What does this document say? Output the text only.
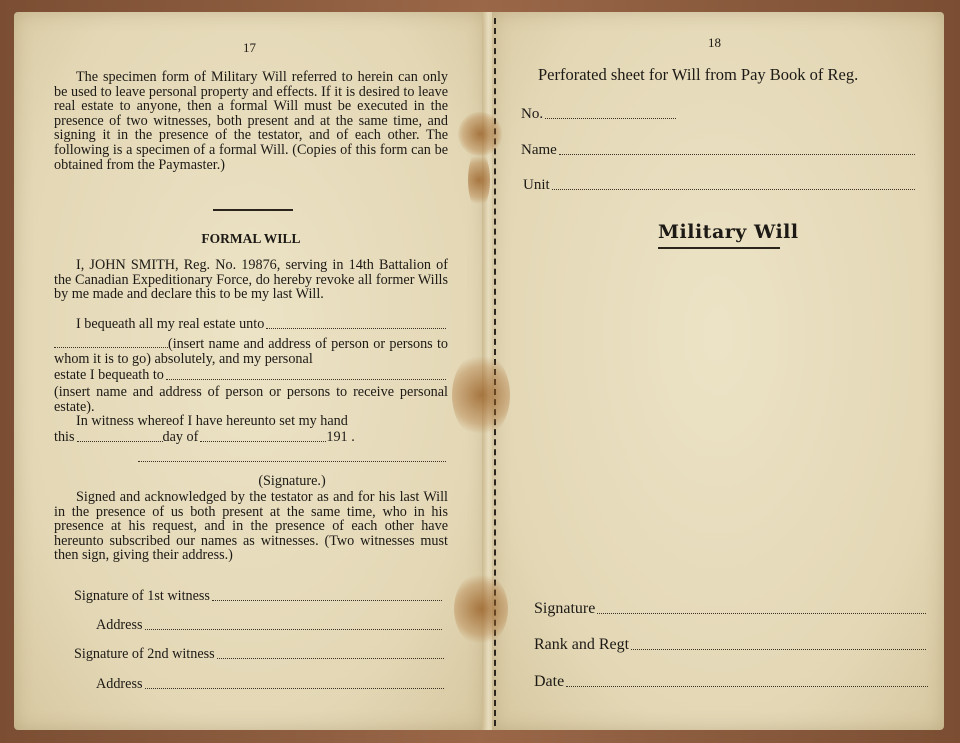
17
The specimen form of Military Will referred to herein can only be used to leave personal property and effects. If it is desired to leave real estate to anyone, then a formal Will must be executed in the presence of two witnesses, both present and at the same time, and signing it in the presence of the testator, and of each other. The following is a specimen of a formal Will. (Copies of this form can be obtained from the Paymaster.)
FORMAL WILL
I, JOHN SMITH, Reg. No. 19876, serving in 14th Battalion of the Canadian Expeditionary Force, do hereby revoke all former Wills by me made and declare this to be my last Will.
I bequeath all my real estate unto
(insert name and address of person or persons to whom it is to go) absolutely, and my personal
estate I bequeath to
(insert name and address of person or persons to receive personal estate).
In witness whereof I have hereunto set my hand
this	day of	191 .
(Signature.)
Signed and acknowledged by the testator as and for his last Will in the presence of us both present at the same time, who in his presence at his request, and in the presence of each other have hereunto subscribed our names as witnesses. (Two witnesses must then sign, giving their address.)
Signature of 1st witness
Address
Signature of 2nd witness
Address
18
Perforated sheet for Will from Pay Book of Reg.
No.
Name
Unit
Military Will
Signature
Rank and Regt
Date
